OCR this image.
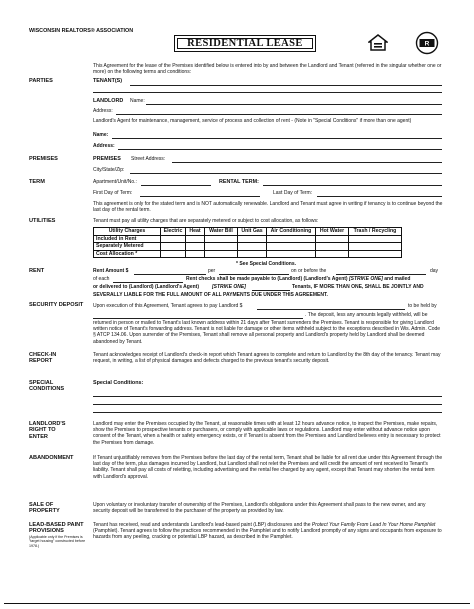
WISCONSIN REALTORS® ASSOCIATION
RESIDENTIAL LEASE	R
This Agreement for the lease of the Premises identified below is entered into by and between the Landlord and Tenant (referred in the singular whether one or more) on the following terms and conditions:
PARTIES	TENANT(S)
LANDLORD Name:
Address:
Landlord's Agent for maintenance, management, service of process and collection of rent - (Note in "Special Conditions" if more than one agent)
Name:
Address:
PREMISES	PREMISES Street Address:
City/State/Zip:
TERM	Apartment/Unit/No.:	RENTAL TERM:
First Day of Term:	Last Day of Term:
This agreement is only for the stated term and is NOT automatically renewable. Landlord and Tenant must agree in writing if tenancy is to continue beyond the last day of the rental term.
UTILITIES	Tenant must pay all utility charges that are separately metered or subject to cost allocation, as follows:
Utility Charges	Electric	Heat	Water Bill	Unit Gas	Air Conditioning	Hot Water	Trash / Recycling
Included in Rent							
Separately Metered							
Cost Allocation *							
* See Special Conditions.
RENT	Rent Amount $	per	on or before the	day
of each	Rent checks shall be made payable to (Landlord) (Landlord's Agent) [STRIKE ONE] and mailed
or delivered to (Landlord) (Landlord's Agent)	[STRIKE ONE]	Tenants, IF MORE THAN ONE, SHALL BE JOINTLY AND
SEVERALLY LIABLE FOR THE FULL AMOUNT OF ALL PAYMENTS DUE UNDER THIS AGREEMENT.
SECURITY DEPOSIT Upon execution of this Agreement, Tenant agrees to pay Landlord $	to be held by
. The deposit, less any amounts legally withheld, will be
returned in person or mailed to Tenant's last known address within 21 days after Tenant surrenders the Premises. Tenant is responsible for giving Landlord written notice of Tenant's forwarding address. Tenant is not liable for damage or other items withheld subject to the exceptions described in Wis. Admin. Code § ATCP 134.06. Upon surrender of the Premises, Tenant shall remove all personal property and Landlord's property held by Landlord shall be deemed abandoned by Tenant.
CHECK-IN REPORT
Tenant acknowledges receipt of Landlord's check-in report which Tenant agrees to complete and return to Landlord by the 8th day of the tenancy. Tenant may request, in writing, a list of physical damages and defects charged to the previous tenant's security deposit.
SPECIAL CONDITIONS
Special Conditions:
LANDLORD'S RIGHT TO ENTER
Landlord may enter the Premises occupied by the Tenant, at reasonable times with at least 12 hours advance notice, to inspect the Premises, make repairs, show the Premises to prospective tenants or purchasers, or comply with applicable laws or regulations. Landlord may enter without advance notice upon consent of the Tenant, when a health or safety emergency exists, or if Tenant is absent from the Premises and Landlord believes entry is necessary to protect the Premises from damage.
ABANDONMENT	If Tenant unjustifiably removes from the Premises before the last day of the rental term, Tenant shall be liable for all rent due under this Agreement through the last day of the term, plus damages incurred by Landlord, but Landlord shall not relet the Premises and will credit the amount of rent received to Tenant's liability. Tenant shall pay all costs of reletting, including advertising and the rental fee charged by any agent, except that Tenant may shorten the rental term with Landlord's approval.
SALE OF PROPERTY
Upon voluntary or involuntary transfer of ownership of the Premises, Landlord's obligations under this Agreement shall pass to the new owner, and any security deposit will be transferred to the purchaser of the property as provided by law.
LEAD-BASED PAINT PROVISIONS
(Applicable only if the Premises is "target housing" constructed before 1978.)
Tenant has received, read and understands Landlord's lead-based paint (LBP) disclosures and the Protect Your Family From Lead In Your Home Pamphlet (Pamphlet). Tenant agrees to follow the practices recommended in the Pamphlet and to notify Landlord promptly of any signs and occupants from exposure to hazards from any peeling, cracking or potential LBP hazard, as described in the Pamphlet.
